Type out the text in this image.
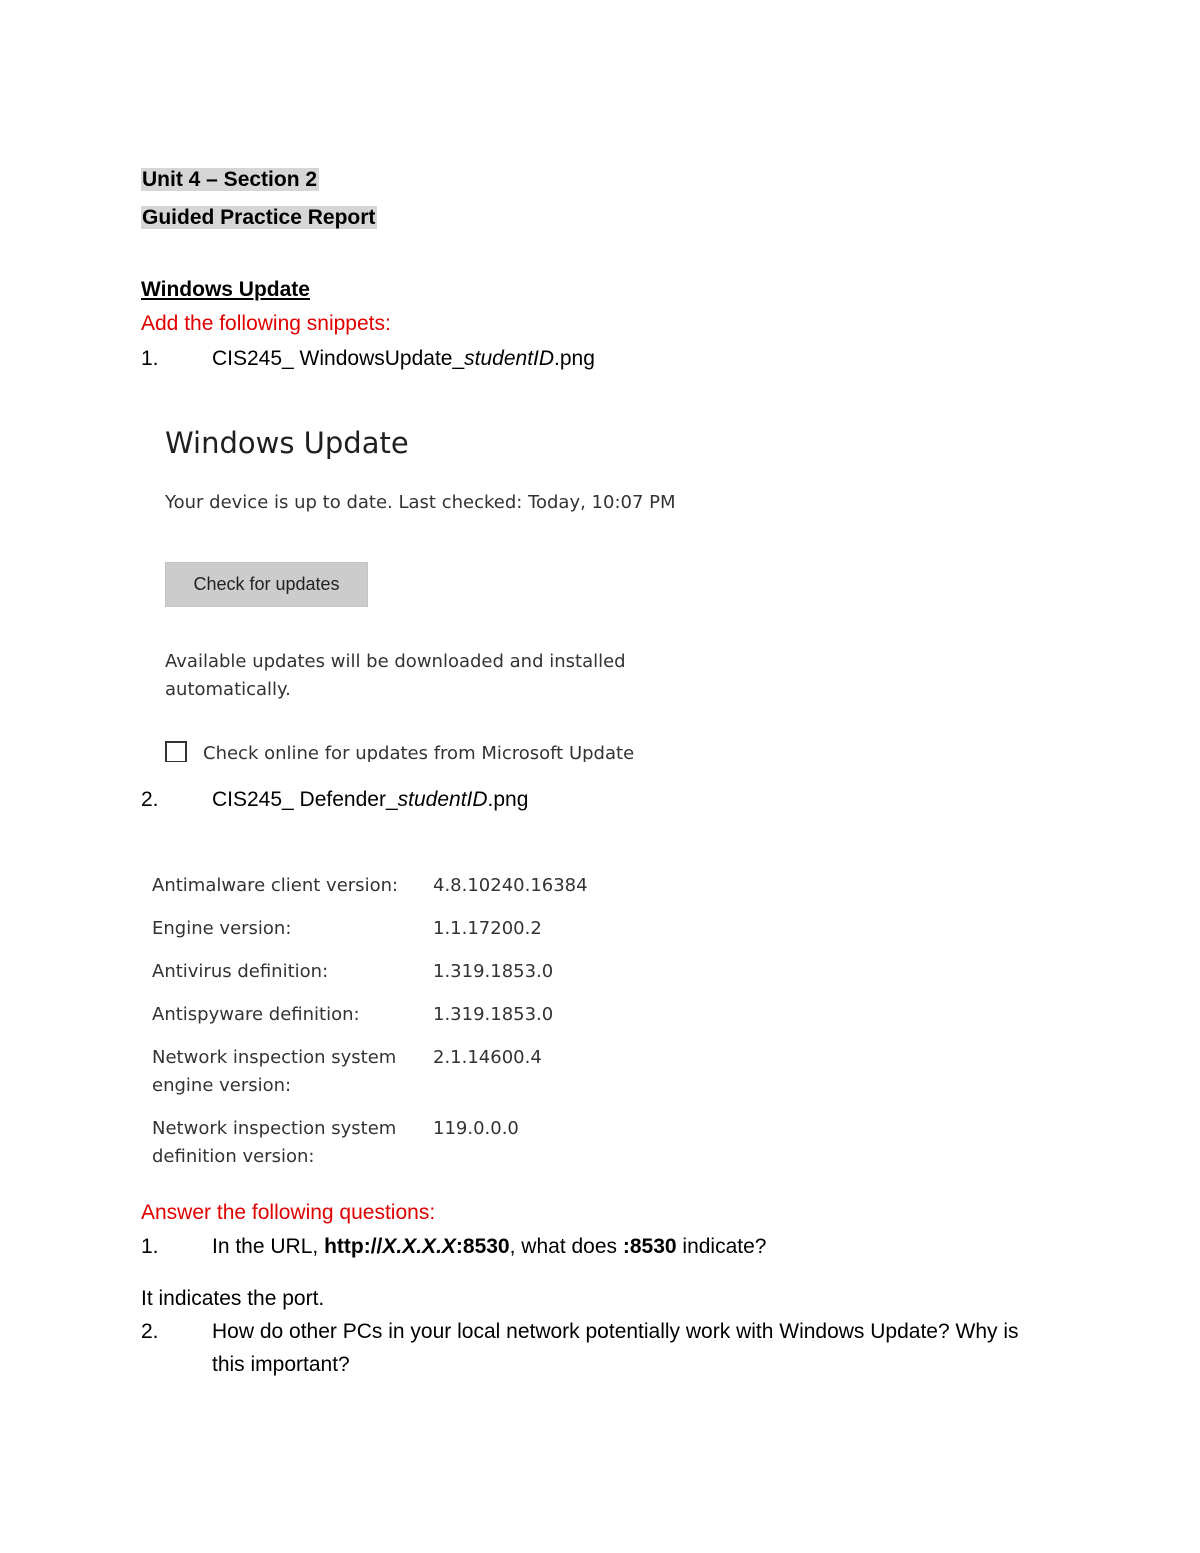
Unit 4 – Section 2
Guided Practice Report
Windows Update
Add the following snippets:
1.	CIS245_ WindowsUpdate_studentID.png
Windows Update
Your device is up to date. Last checked: Today, 10:07 PM
Check for updates
Available updates will be downloaded and installed
automatically.
Check online for updates from Microsoft Update
2.	CIS245_ Defender_studentID.png
Antimalware client version: 4.8.10240.16384
Engine version:	1.1.17200.2
Antivirus definition:	1.319.1853.0
Antispyware definition:	1.319.1853.0
Network inspection system
engine version:
2.1.14600.4
Network inspection system
definition version:
119.0.0.0
Answer the following questions:
1.	In the URL, http://X.X.X.X:8530, what does :8530 indicate?
It indicates the port.
2.	How do other PCs in your local network potentially work with Windows Update? Why is
this important?
